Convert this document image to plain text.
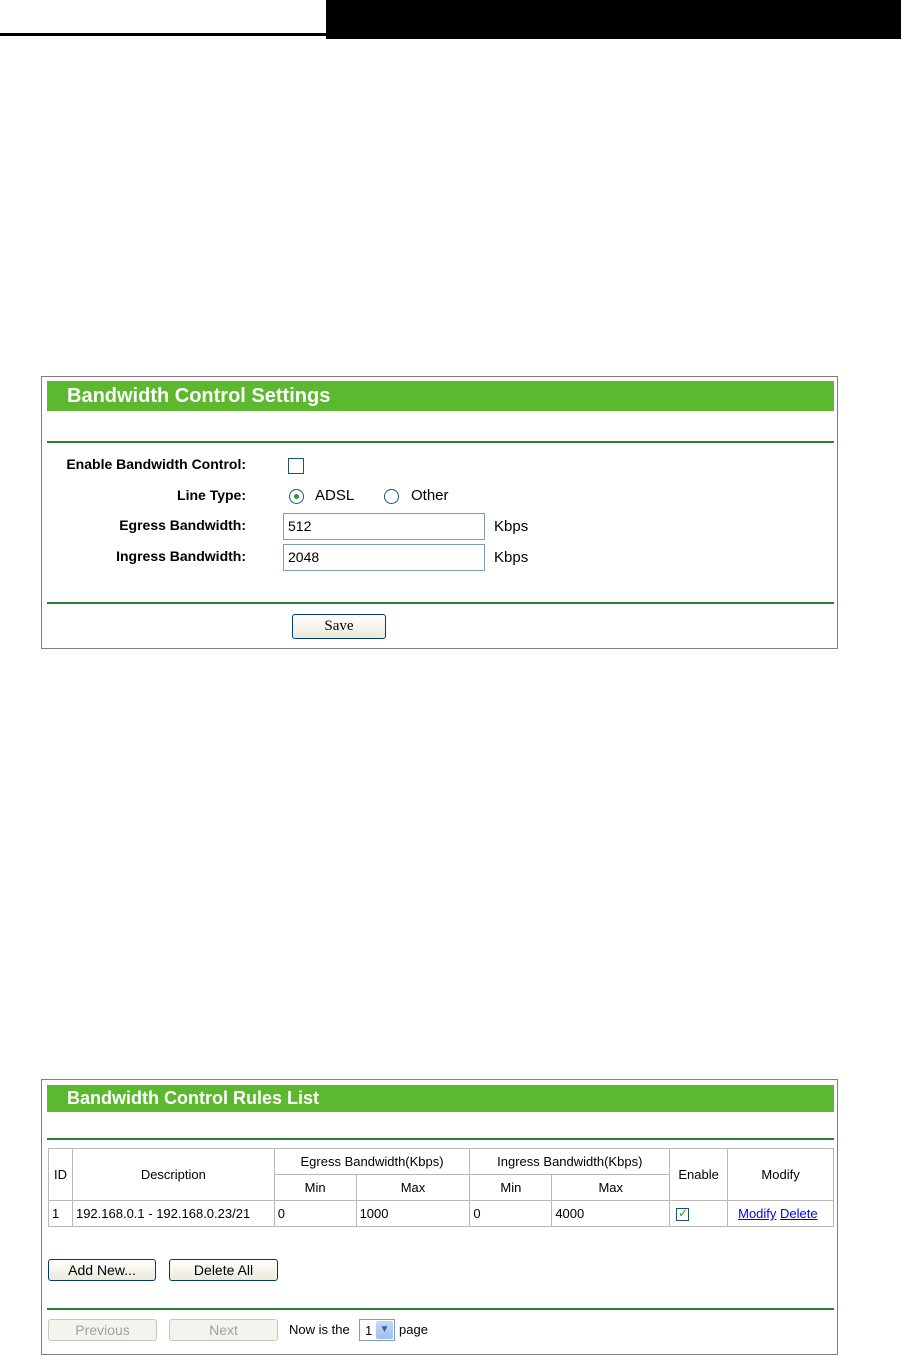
Bandwidth Control Settings
Enable Bandwidth Control:
Line Type:	ADSL	Other
Egress Bandwidth:	512	Kbps
Ingress Bandwidth:	2048	Kbps
Save
Bandwidth Control Rules List
ID	Description	Egress Bandwidth(Kbps)		Ingress Bandwidth(Kbps)		Enable	Modify
		Min	Max	Min	Max		
1	192.168.0.1 - 192.168.0.23/21	0	1000	0	4000	✓	Modify Delete
Add New...	Delete All
Previous	Next	Now is the 1 ▼ page
